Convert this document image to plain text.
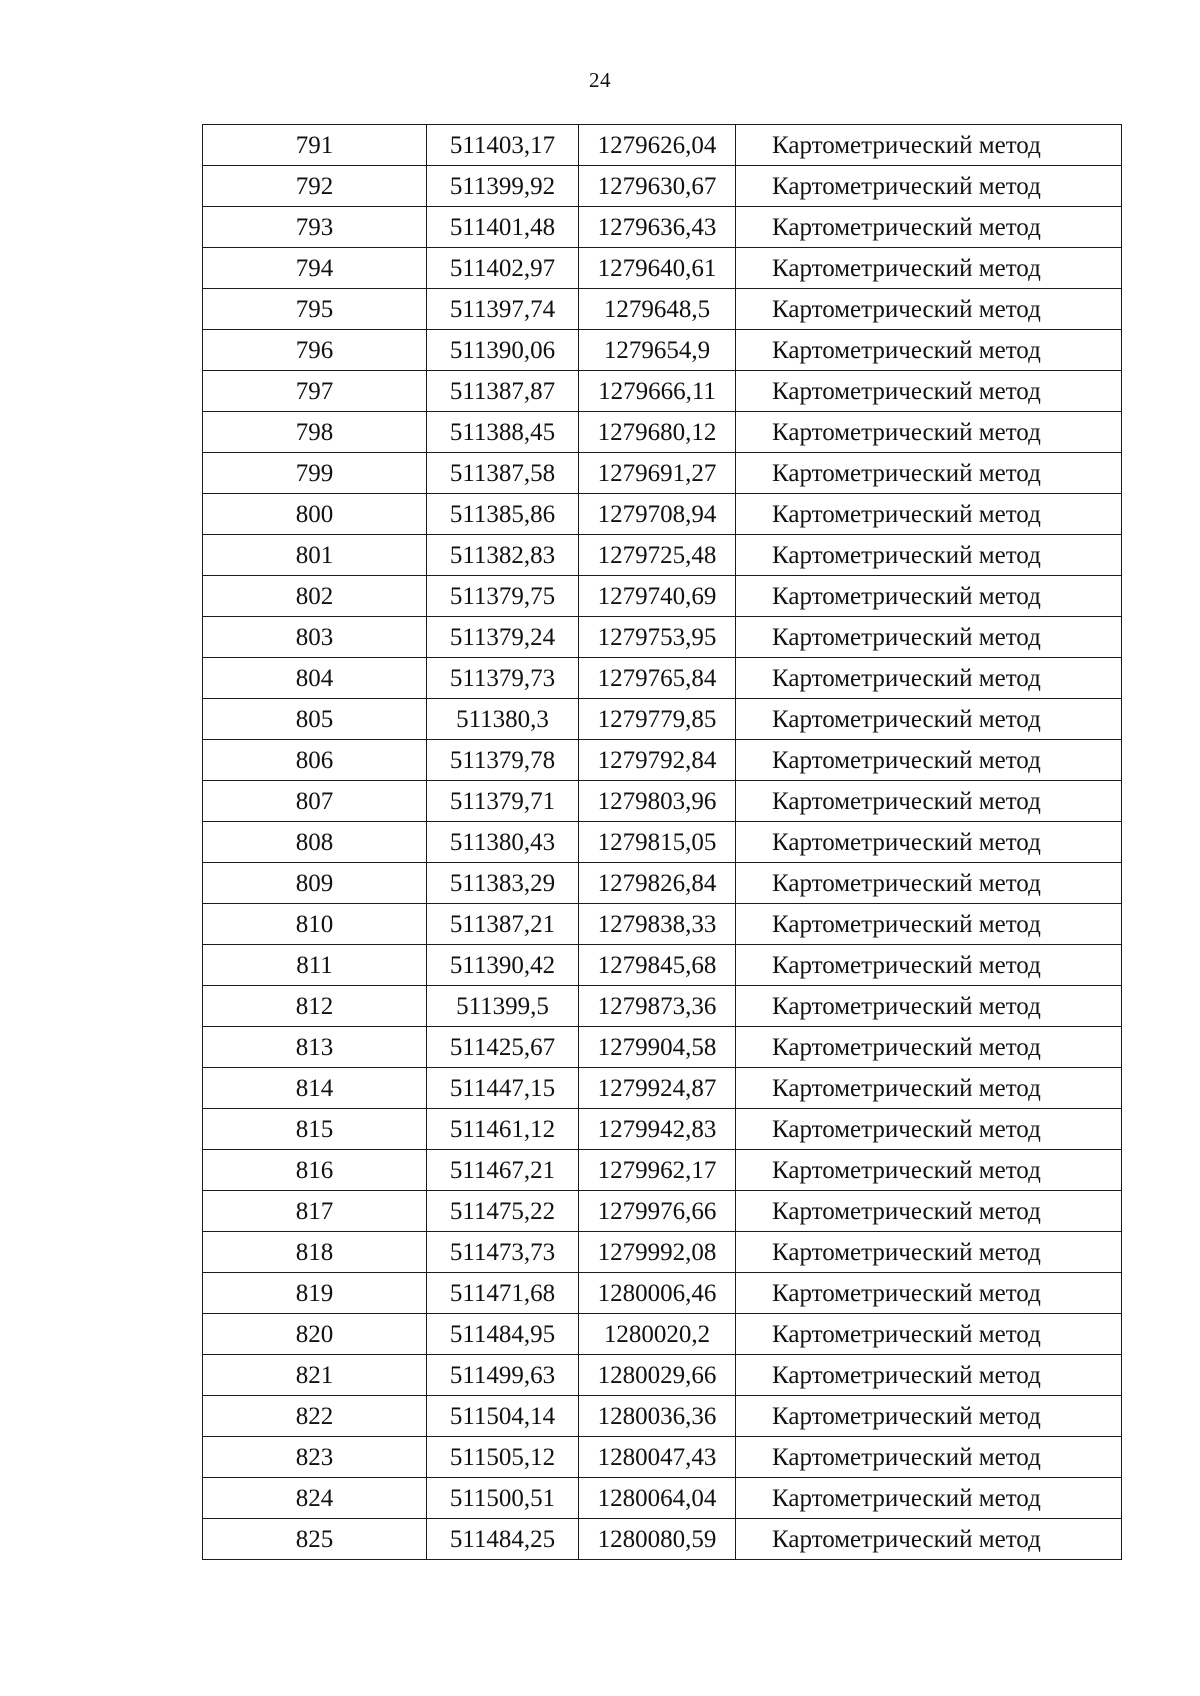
24
791	511403,17	1279626,04	Картометрический метод
792	511399,92	1279630,67	Картометрический метод
793	511401,48	1279636,43	Картометрический метод
794	511402,97	1279640,61	Картометрический метод
795	511397,74	1279648,5	Картометрический метод
796	511390,06	1279654,9	Картометрический метод
797	511387,87	1279666,11	Картометрический метод
798	511388,45	1279680,12	Картометрический метод
799	511387,58	1279691,27	Картометрический метод
800	511385,86	1279708,94	Картометрический метод
801	511382,83	1279725,48	Картометрический метод
802	511379,75	1279740,69	Картометрический метод
803	511379,24	1279753,95	Картометрический метод
804	511379,73	1279765,84	Картометрический метод
805	511380,3	1279779,85	Картометрический метод
806	511379,78	1279792,84	Картометрический метод
807	511379,71	1279803,96	Картометрический метод
808	511380,43	1279815,05	Картометрический метод
809	511383,29	1279826,84	Картометрический метод
810	511387,21	1279838,33	Картометрический метод
811	511390,42	1279845,68	Картометрический метод
812	511399,5	1279873,36	Картометрический метод
813	511425,67	1279904,58	Картометрический метод
814	511447,15	1279924,87	Картометрический метод
815	511461,12	1279942,83	Картометрический метод
816	511467,21	1279962,17	Картометрический метод
817	511475,22	1279976,66	Картометрический метод
818	511473,73	1279992,08	Картометрический метод
819	511471,68	1280006,46	Картометрический метод
820	511484,95	1280020,2	Картометрический метод
821	511499,63	1280029,66	Картометрический метод
822	511504,14	1280036,36	Картометрический метод
823	511505,12	1280047,43	Картометрический метод
824	511500,51	1280064,04	Картометрический метод
825	511484,25	1280080,59	Картометрический метод
